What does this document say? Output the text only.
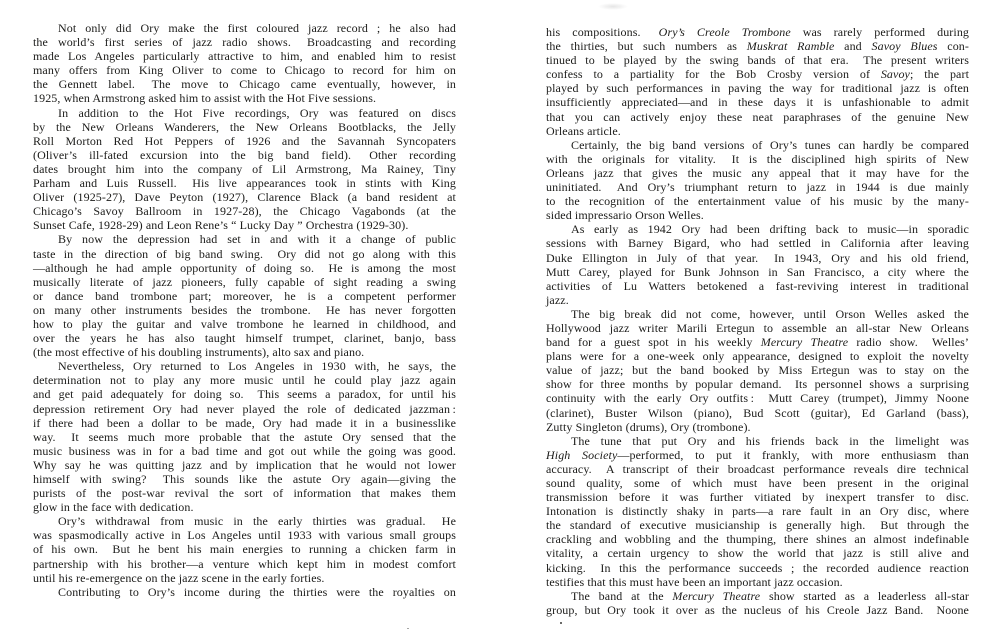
Not only did Ory make the first coloured jazz record ; he also had
the world’s first series of jazz radio shows.  Broadcasting and recording
made Los Angeles particularly attractive to him, and enabled him to resist
many offers from King Oliver to come to Chicago to record for him on
the Gennett label.  The move to Chicago came eventually, however, in
1925, when Armstrong asked him to assist with the Hot Five sessions.
In addition to the Hot Five recordings, Ory was featured on discs
by the New Orleans Wanderers, the New Orleans Bootblacks, the Jelly
Roll Morton Red Hot Peppers of 1926 and the Savannah Syncopaters
(Oliver’s ill-fated excursion into the big band field).  Other recording
dates brought him into the company of Lil Armstrong, Ma Rainey, Tiny
Parham and Luis Russell.  His live appearances took in stints with King
Oliver (1925-27), Dave Peyton (1927), Clarence Black (a band resident at
Chicago’s Savoy Ballroom in 1927-28), the Chicago Vagabonds (at the
Sunset Cafe, 1928-29) and Leon Rene’s “ Lucky Day ” Orchestra (1929-30).
By now the depression had set in and with it a change of public
taste in the direction of big band swing.  Ory did not go along with this
—although he had ample opportunity of doing so.  He is among the most
musically literate of jazz pioneers, fully capable of sight reading a swing
or dance band trombone part; moreover, he is a competent performer
on many other instruments besides the trombone.  He has never forgotten
how to play the guitar and valve trombone he learned in childhood, and
over the years he has also taught himself trumpet, clarinet, banjo, bass
(the most effective of his doubling instruments), alto sax and piano.
Nevertheless, Ory returned to Los Angeles in 1930 with, he says, the
determination not to play any more music until he could play jazz again
and get paid adequately for doing so.  This seems a paradox, for until his
depression retirement Ory had never played the role of dedicated jazzman :
if there had been a dollar to be made, Ory had made it in a businesslike
way.  It seems much more probable that the astute Ory sensed that the
music business was in for a bad time and got out while the going was good.
Why say he was quitting jazz and by implication that he would not lower
himself with swing?  This sounds like the astute Ory again—giving the
purists of the post-war revival the sort of information that makes them
glow in the face with dedication.
Ory’s withdrawal from music in the early thirties was gradual.  He
was spasmodically active in Los Angeles until 1933 with various small groups
of his own.  But he bent his main energies to running a chicken farm in
partnership with his brother—a venture which kept him in modest comfort
until his re-emergence on the jazz scene in the early forties.
Contributing to Ory’s income during the thirties were the royalties on
his compositions.  Ory’s Creole Trombone was rarely performed during
the thirties, but such numbers as Muskrat Ramble and Savoy Blues con-
tinued to be played by the swing bands of that era.  The present writers
confess to a partiality for the Bob Crosby version of Savoy; the part
played by such performances in paving the way for traditional jazz is often
insufficiently appreciated—and in these days it is unfashionable to admit
that you can actively enjoy these neat paraphrases of the genuine New
Orleans article.
Certainly, the big band versions of Ory’s tunes can hardly be compared
with the originals for vitality.  It is the disciplined high spirits of New
Orleans jazz that gives the music any appeal that it may have for the
uninitiated.  And Ory’s triumphant return to jazz in 1944 is due mainly
to the recognition of the entertainment value of his music by the many-
sided impressario Orson Welles.
As early as 1942 Ory had been drifting back to music—in sporadic
sessions with Barney Bigard, who had settled in California after leaving
Duke Ellington in July of that year.  In 1943, Ory and his old friend,
Mutt Carey, played for Bunk Johnson in San Francisco, a city where the
activities of Lu Watters betokened a fast-reviving interest in traditional
jazz.
The big break did not come, however, until Orson Welles asked the
Hollywood jazz writer Marili Ertegun to assemble an all-star New Orleans
band for a guest spot in his weekly Mercury Theatre radio show.  Welles’
plans were for a one-week only appearance, designed to exploit the novelty
value of jazz; but the band booked by Miss Ertegun was to stay on the
show for three months by popular demand.  Its personnel shows a surprising
continuity with the early Ory outfits :  Mutt Carey (trumpet), Jimmy Noone
(clarinet), Buster Wilson (piano), Bud Scott (guitar), Ed Garland (bass),
Zutty Singleton (drums), Ory (trombone).
The tune that put Ory and his friends back in the limelight was
High Society—performed, to put it frankly, with more enthusiasm than
accuracy.  A transcript of their broadcast performance reveals dire technical
sound quality, some of which must have been present in the original
transmission before it was further vitiated by inexpert transfer to disc.
Intonation is distinctly shaky in parts—a rare fault in an Ory disc, where
the standard of executive musicianship is generally high.  But through the
crackling and wobbling and the thumping, there shines an almost indefinable
vitality, a certain urgency to show the world that jazz is still alive and
kicking.  In this the performance succeeds ; the recorded audience reaction
testifies that this must have been an important jazz occasion.
The band at the Mercury Theatre show started as a leaderless all-star
group, but Ory took it over as the nucleus of his Creole Jazz Band.  Noone
